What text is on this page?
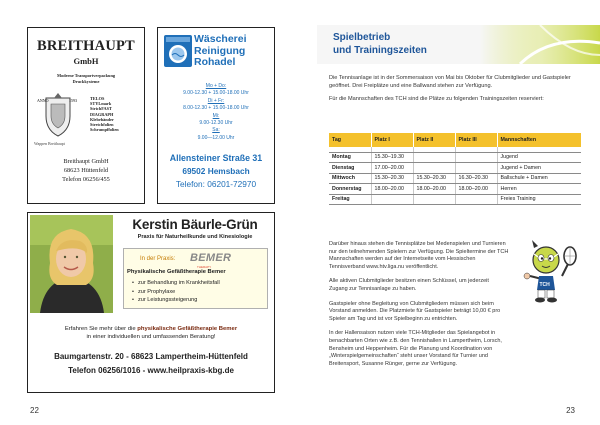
BREITHAUPT
GmbH
Moderne Transportverpackung
Druckkysteme
ANNO	1593	TELOS
STYLmark
StrichFAST
DIAGRAPH
Klebebänder
Stretchfolien
Schrumpffolien
Wappen Breithaupt
Breithaupt GmbH
68623 Hüttenfeld
Telefon 06256/455
Wäscherei
Reinigung
Rohadel
Mo + Do:
9.00-12.30 + 15.00-18.00 Uhr
Di + Fr:
8.00-12.30 + 15.00-18.00 Uhr
Mi:
9.00-12.30 Uhr
Sa:
9.00—12.00 Uhr
Allensteiner Straße 31
69502 Hemsbach
Telefon: 06201-72970
Kerstin Bäurle-Grün
Praxis für Naturheilkunde und Kinesiologie
In der Praxis: BEMER
THERAPY
Physikalische Gefäßtherapie Bemer
• zur Behandlung im Krankheitsfall
• zur Prophylaxe
• zur Leistungssteigerung
Erfahren Sie mehr über die physikalische Gefäßtherapie Bemer
in einer individuellen und umfassenden Beratung!
Baumgartenstr. 20 - 68623 Lampertheim-Hüttenfeld
Telefon 06256/1016 - www.heilpraxis-kbg.de
22
Spielbetrieb
und Trainingszeiten

Die Tennisanlage ist in der Sommersaison von Mai bis Oktober für Clubmitglieder und Gastspieler geöffnet. Drei Freiplätze und eine Ballwand stehen zur Verfügung.

Für die Mannschaften des TCH sind die Plätze zu folgenden Trainingszeiten reserviert:

Tag	Platz I	Platz II	Platz III	Mannschaften

Montag	15.30–19.30			Jugend
Dienstag	17.00–20.00			Jugend + Damen
Mittwoch	15.30–20.30	15.30–20.30	16.30–20.30	Ballschule + Damen
Donnerstag	18.00–20.00	18.00–20.00	18.00–20.00	Herren
Freitag				Freies Training

Darüber hinaus stehen die Tennisplätze bei Medenspielen und Turnieren nur den teilnehmenden Spielern zur Verfügung. Die Spieltermine der TCH Mannschaften werden auf der Internetseite vom Hessischen Tennisverband www.htv.liga.nu veröffentlicht.

Alle aktiven Clubmitglieder besitzen einen Schlüssel, um jederzeit Zugang zur Tennisanlage zu haben.

Gastspieler ohne Begleitung von Clubmitgliedern müssen sich beim Vorstand anmelden. Die Platzmiete für Gastspieler beträgt 10,00 € pro Spieler am Tag und ist vor Spielbeginn zu entrichten.

In der Hallensaison nutzen viele TCH-Mitglieder das Spielangebot in benachbarten Orten wie z.B. den Tennishallen in Lampertheim, Lorsch, Bensheim und Heppenheim. Für die Planung und Koordination von „Winterspielgemeinschaften“ steht unser Vorstand für Turnier und Breitensport, Susanne Rünger, gerne zur Verfügung.

TCH
23
